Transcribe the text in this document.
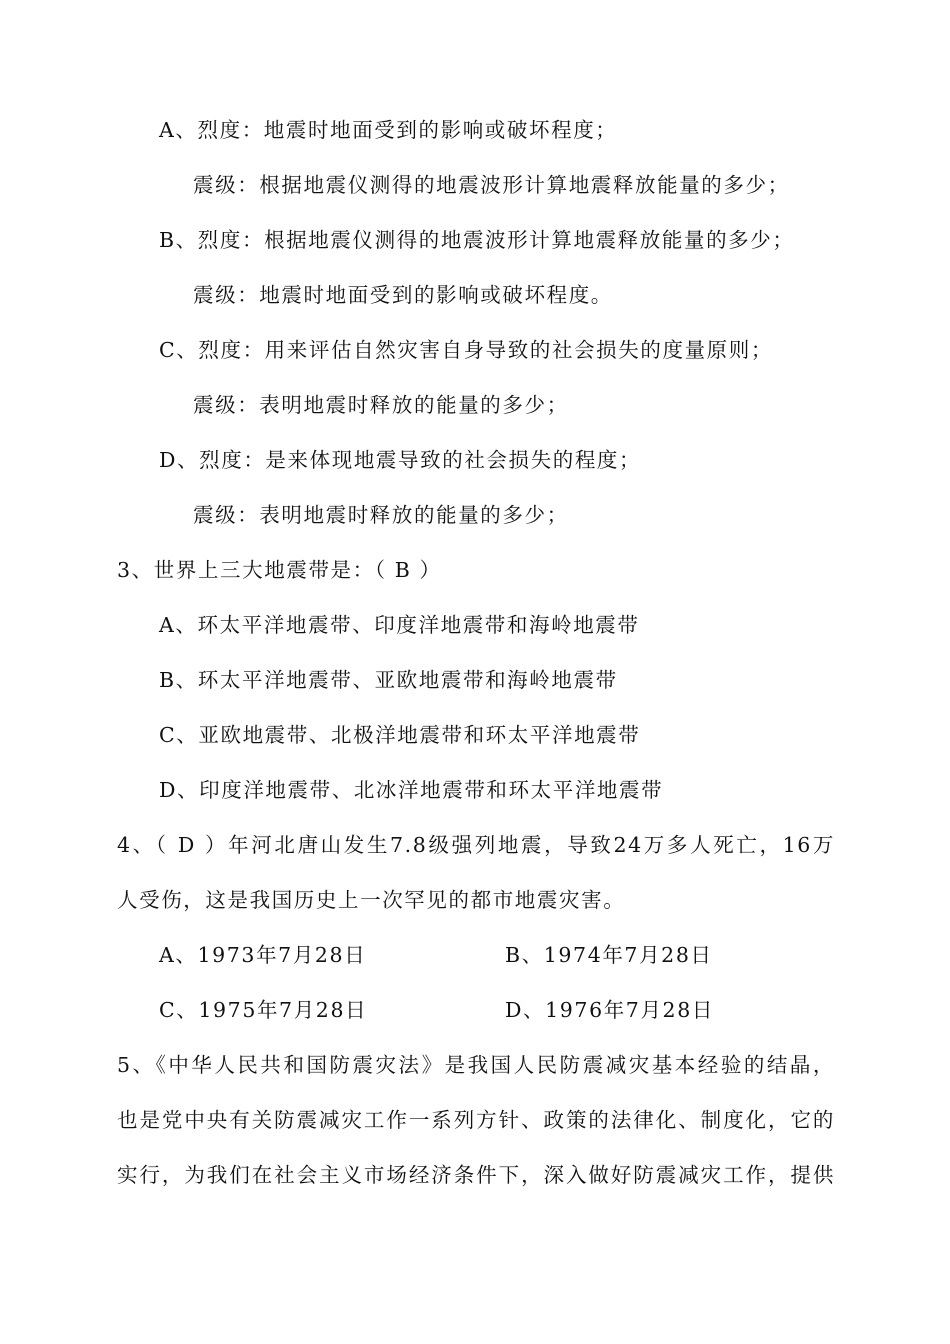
A、烈度：地震时地面受到的影响或破坏程度；
震级：根据地震仪测得的地震波形计算地震释放能量的多少；
B、烈度：根据地震仪测得的地震波形计算地震释放能量的多少；
震级：地震时地面受到的影响或破坏程度。
C、烈度：用来评估自然灾害自身导致的社会损失的度量原则；
震级：表明地震时释放的能量的多少；
D、烈度：是来体现地震导致的社会损失的程度；
震级：表明地震时释放的能量的多少；
3、世界上三大地震带是：（ B ）
A、环太平洋地震带、印度洋地震带和海岭地震带
B、环太平洋地震带、亚欧地震带和海岭地震带
C、亚欧地震带、北极洋地震带和环太平洋地震带
D、印度洋地震带、北冰洋地震带和环太平洋地震带
4、（ D ）年河北唐山发生7.8级强列地震，导致24万多人死亡，16万
人受伤，这是我国历史上一次罕见的都市地震灾害。
A、1973年7月28日	B、1974年7月28日
C、1975年7月28日	D、1976年7月28日
5、《中华人民共和国防震灾法》是我国人民防震减灾基本经验的结晶，
也是党中央有关防震减灾工作一系列方针、政策的法律化、制度化，它的
实行，为我们在社会主义市场经济条件下，深入做好防震减灾工作，提供
